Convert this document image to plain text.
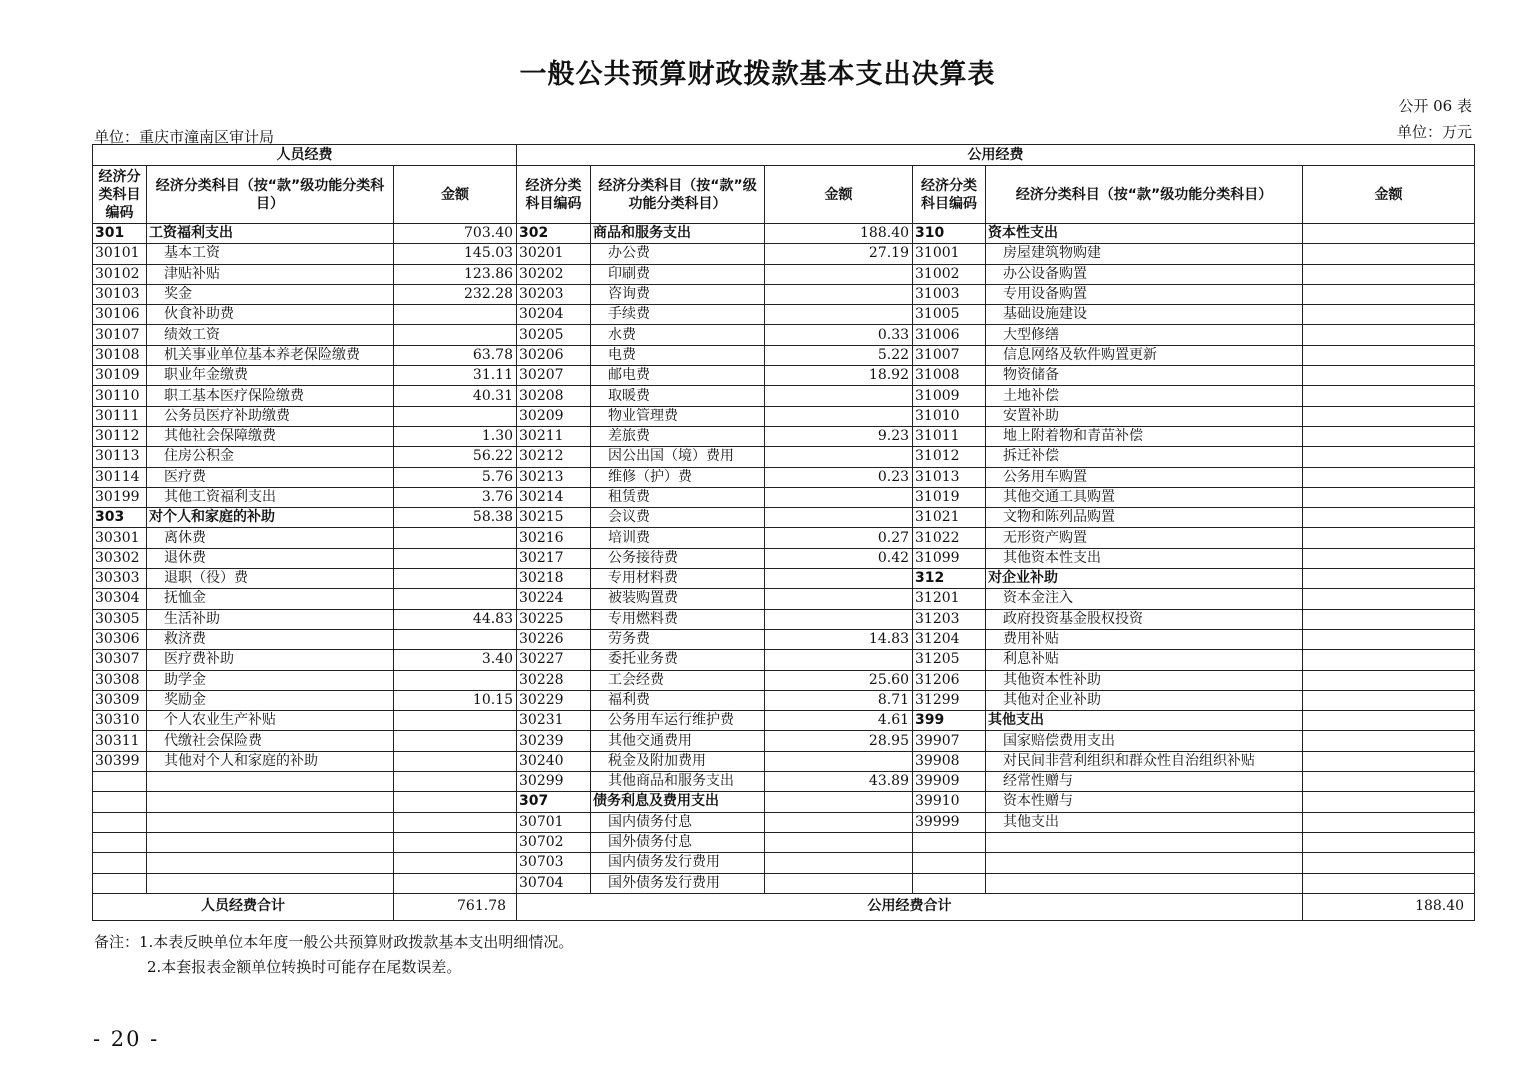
一般公共预算财政拨款基本支出决算表
公开 06 表
单位：重庆市潼南区审计局	单位：万元
人员经费			公用经费					
经济分类科目编码	经济分类科目（按“款”级功能分类科目）	金额	经济分类科目编码	经济分类科目（按“款”级功能分类科目）	金额	经济分类科目编码	经济分类科目（按“款”级功能分类科目）	金额
301	工资福利支出	703.40	302	商品和服务支出	188.40	310	资本性支出	
30101	基本工资	145.03	30201	办公费	27.19	31001	房屋建筑物购建	
30102	津贴补贴	123.86	30202	印刷费		31002	办公设备购置	
30103	奖金	232.28	30203	咨询费		31003	专用设备购置	
30106	伙食补助费		30204	手续费		31005	基础设施建设	
30107	绩效工资		30205	水费	0.33	31006	大型修缮	
30108	机关事业单位基本养老保险缴费	63.78	30206	电费	5.22	31007	信息网络及软件购置更新	
30109	职业年金缴费	31.11	30207	邮电费	18.92	31008	物资储备	
30110	职工基本医疗保险缴费	40.31	30208	取暖费		31009	土地补偿	
30111	公务员医疗补助缴费		30209	物业管理费		31010	安置补助	
30112	其他社会保障缴费	1.30	30211	差旅费	9.23	31011	地上附着物和青苗补偿	
30113	住房公积金	56.22	30212	因公出国（境）费用		31012	拆迁补偿	
30114	医疗费	5.76	30213	维修（护）费	0.23	31013	公务用车购置	
30199	其他工资福利支出	3.76	30214	租赁费		31019	其他交通工具购置	
303	对个人和家庭的补助	58.38	30215	会议费		31021	文物和陈列品购置	
30301	离休费		30216	培训费	0.27	31022	无形资产购置	
30302	退休费		30217	公务接待费	0.42	31099	其他资本性支出	
30303	退职（役）费		30218	专用材料费		312	对企业补助	
30304	抚恤金		30224	被装购置费		31201	资本金注入	
30305	生活补助	44.83	30225	专用燃料费		31203	政府投资基金股权投资	
30306	救济费		30226	劳务费	14.83	31204	费用补贴	
30307	医疗费补助	3.40	30227	委托业务费		31205	利息补贴	
30308	助学金		30228	工会经费	25.60	31206	其他资本性补助	
30309	奖励金	10.15	30229	福利费	8.71	31299	其他对企业补助	
30310	个人农业生产补贴		30231	公务用车运行维护费	4.61	399	其他支出	
30311	代缴社会保险费		30239	其他交通费用	28.95	39907	国家赔偿费用支出	
30399	其他对个人和家庭的补助		30240	税金及附加费用		39908	对民间非营利组织和群众性自治组织补贴	
			30299	其他商品和服务支出	43.89	39909	经常性赠与	
			307	债务利息及费用支出		39910	资本性赠与	
			30701	国内债务付息		39999	其他支出	
			30702	国外债务付息				
			30703	国内债务发行费用				
			30704	国外债务发行费用				
人员经费合计		761.78	公用经费合计					188.40
备注：1.本表反映单位本年度一般公共预算财政拨款基本支出明细情况。
2.本套报表金额单位转换时可能存在尾数误差。
- 20 -
